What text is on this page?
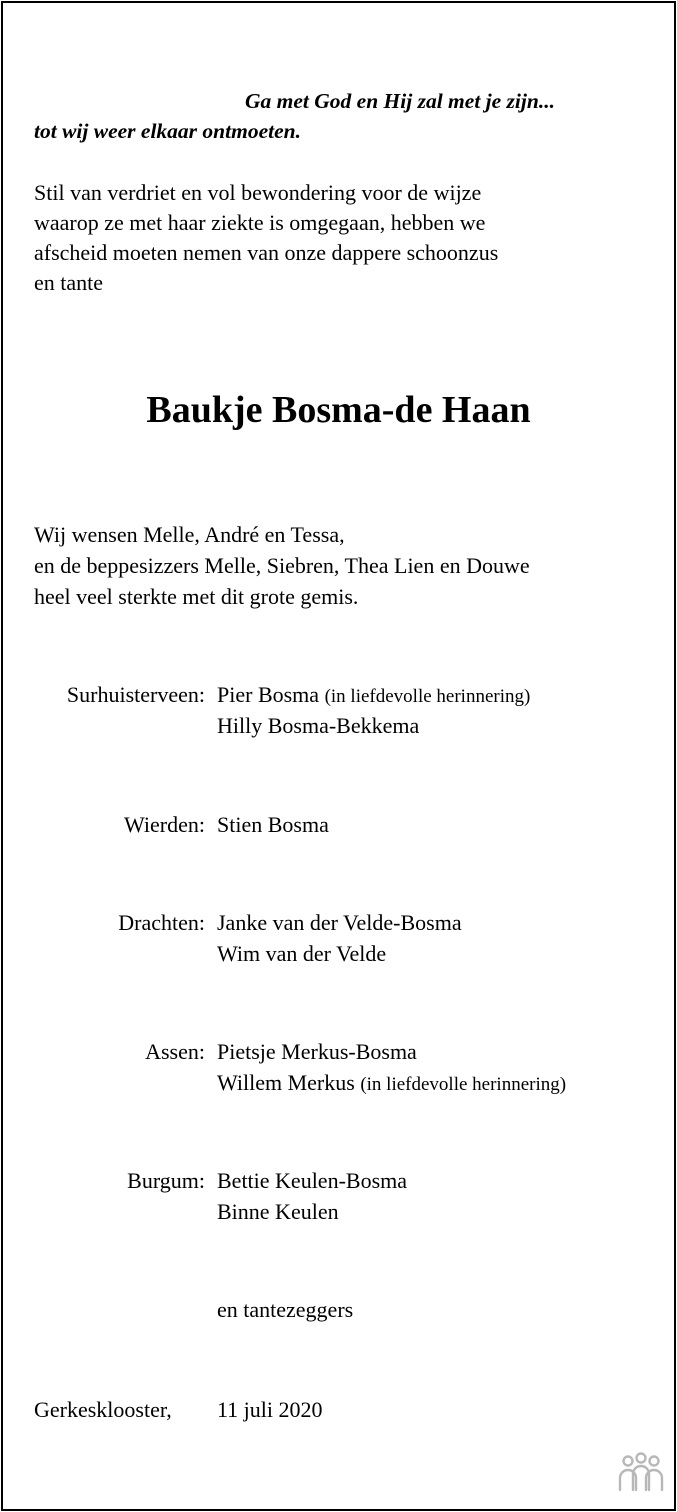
Ga met God en Hij zal met je zijn...
tot wij weer elkaar ontmoeten.
Stil van verdriet en vol bewondering voor de wijze
waarop ze met haar ziekte is omgegaan, hebben we
afscheid moeten nemen van onze dappere schoonzus
en tante
Baukje Bosma-de Haan
Wij wensen Melle, André en Tessa,
en de beppesizzers Melle, Siebren, Thea Lien en Douwe
heel veel sterkte met dit grote gemis.
Surhuisterveen: Pier Bosma (in liefdevolle herinnering)
Hilly Bosma-Bekkema
Wierden: Stien Bosma
Drachten: Janke van der Velde-Bosma
Wim van der Velde
Assen: Pietsje Merkus-Bosma
Willem Merkus (in liefdevolle herinnering)
Burgum: Bettie Keulen-Bosma
Binne Keulen
en tantezeggers
Gerkesklooster, 11 juli 2020
